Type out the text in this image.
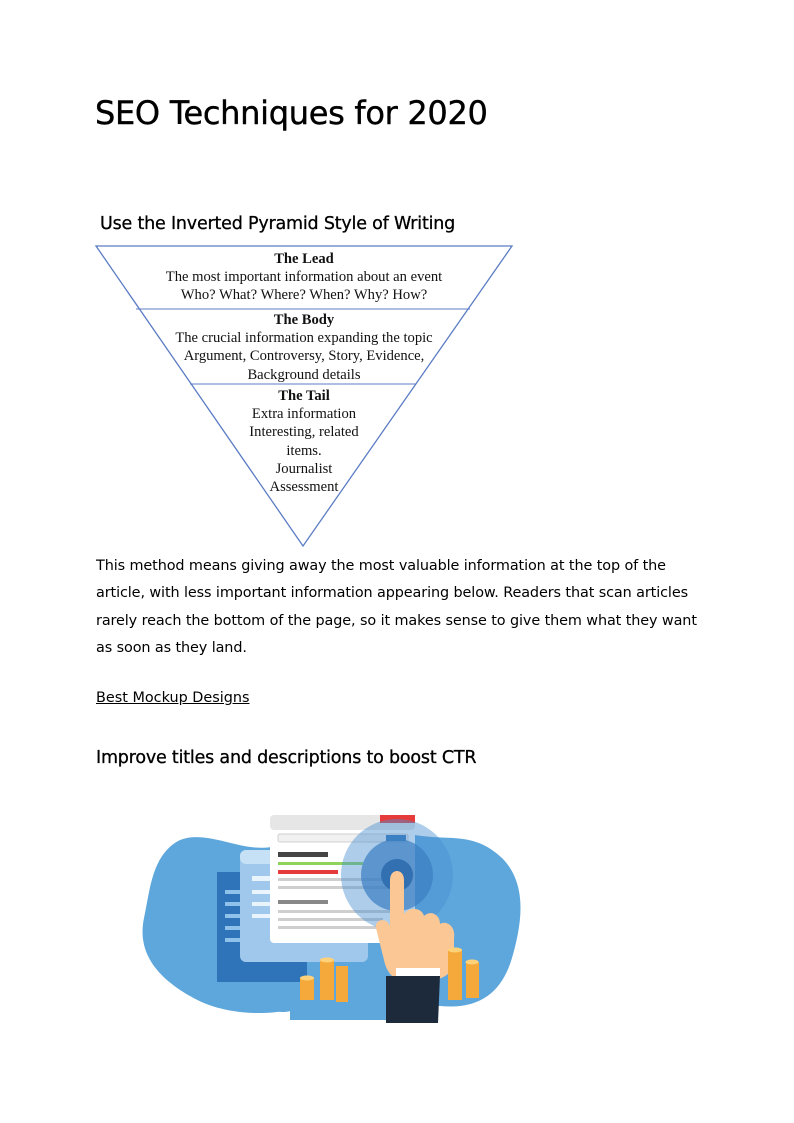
SEO Techniques for 2020
Use the Inverted Pyramid Style of Writing
The Lead
The most important information about an event
Who? What? Where? When? Why? How?
The Body
The crucial information expanding the topic
Argument, Controversy, Story, Evidence,
Background details
The Tail
Extra information
Interesting, related
items.
Journalist
Assessment

This method means giving away the most valuable information at the top of the article, with less important information appearing below. Readers that scan articles rarely reach the bottom of the page, so it makes sense to give them what they want as soon as they land.

Best Mockup Designs
Improve titles and descriptions to boost CTR
